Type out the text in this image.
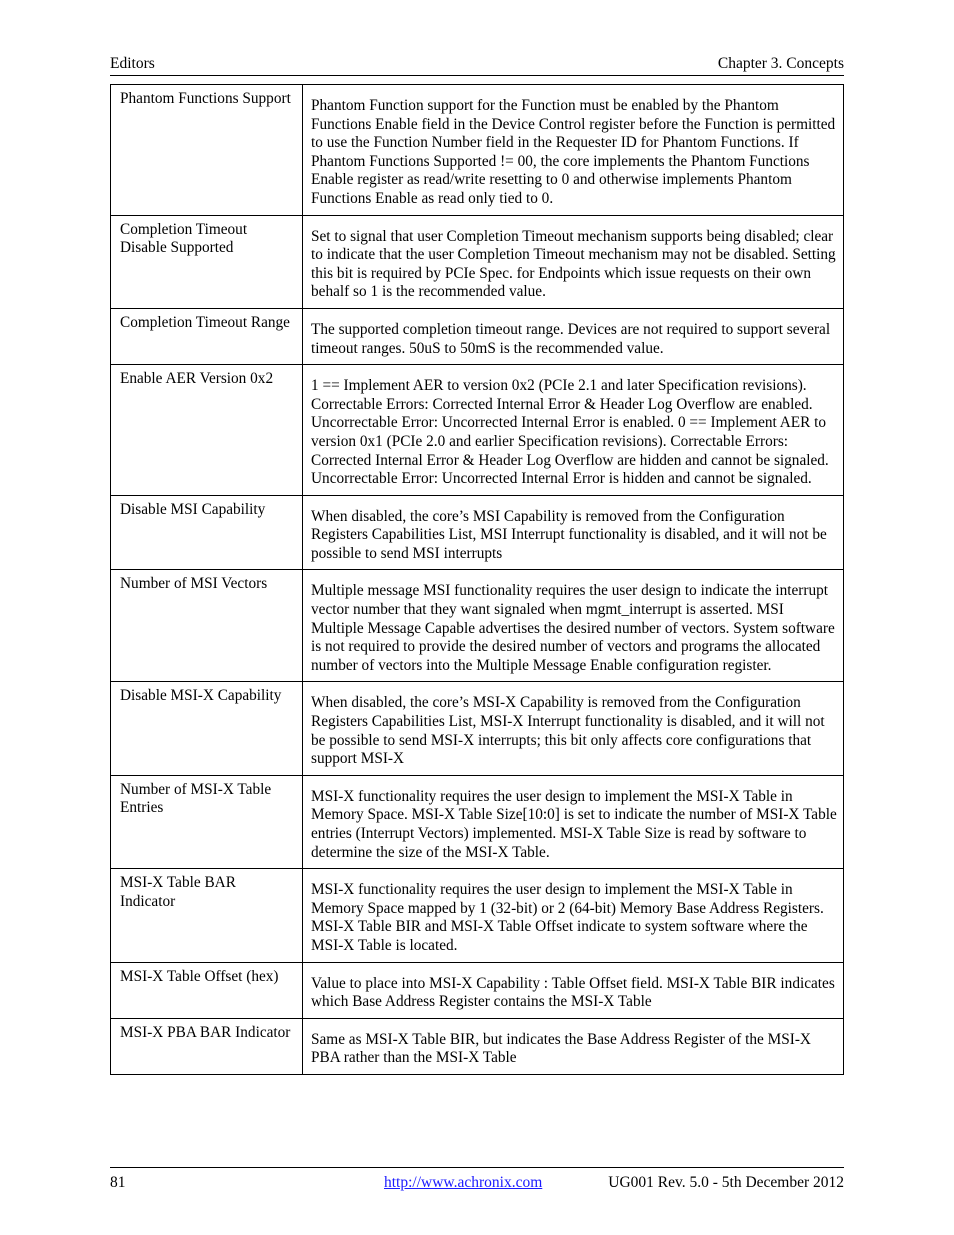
Editors	Chapter 3. Concepts
Phantom Functions Support	Phantom Function support for the Function must be enabled by the Phantom Functions Enable field in the Device Control register before the Function is permitted to use the Function Number field in the Requester ID for Phantom Functions. If Phantom Functions Supported != 00, the core implements the Phantom Functions Enable register as read/write resetting to 0 and otherwise implements Phantom Functions Enable as read only tied to 0.
Completion Timeout Disable Supported	Set to signal that user Completion Timeout mechanism supports being disabled; clear to indicate that the user Completion Timeout mechanism may not be disabled. Setting this bit is required by PCIe Spec. for Endpoints which issue requests on their own behalf so 1 is the recommended value.
Completion Timeout Range	The supported completion timeout range. Devices are not required to support several timeout ranges. 50uS to 50mS is the recommended value.
Enable AER Version 0x2	1 == Implement AER to version 0x2 (PCIe 2.1 and later Specification revisions). Correctable Errors: Corrected Internal Error & Header Log Overflow are enabled. Uncorrectable Error: Uncorrected Internal Error is enabled. 0 == Implement AER to version 0x1 (PCIe 2.0 and earlier Specification revisions). Correctable Errors: Corrected Internal Error & Header Log Overflow are hidden and cannot be signaled. Uncorrectable Error: Uncorrected Internal Error is hidden and cannot be signaled.
Disable MSI Capability	When disabled, the core’s MSI Capability is removed from the Configuration Registers Capabilities List, MSI Interrupt functionality is disabled, and it will not be possible to send MSI interrupts
Number of MSI Vectors	Multiple message MSI functionality requires the user design to indicate the interrupt vector number that they want signaled when mgmt_interrupt is asserted. MSI Multiple Message Capable advertises the desired number of vectors. System software is not required to provide the desired number of vectors and programs the allocated number of vectors into the Multiple Message Enable configuration register.
Disable MSI-X Capability	When disabled, the core’s MSI-X Capability is removed from the Configuration Registers Capabilities List, MSI-X Interrupt functionality is disabled, and it will not be possible to send MSI-X interrupts; this bit only affects core configurations that support MSI-X
Number of MSI-X Table Entries	MSI-X functionality requires the user design to implement the MSI-X Table in Memory Space. MSI-X Table Size[10:0] is set to indicate the number of MSI-X Table entries (Interrupt Vectors) implemented. MSI-X Table Size is read by software to determine the size of the MSI-X Table.
MSI-X Table BAR Indicator	MSI-X functionality requires the user design to implement the MSI-X Table in Memory Space mapped by 1 (32-bit) or 2 (64-bit) Memory Base Address Registers. MSI-X Table BIR and MSI-X Table Offset indicate to system software where the MSI-X Table is located.
MSI-X Table Offset (hex)	Value to place into MSI-X Capability : Table Offset field. MSI-X Table BIR indicates which Base Address Register contains the MSI-X Table
MSI-X PBA BAR Indicator	Same as MSI-X Table BIR, but indicates the Base Address Register of the MSI-X PBA rather than the MSI-X Table
81	http://www.achronix.com	UG001 Rev. 5.0 - 5th December 2012
